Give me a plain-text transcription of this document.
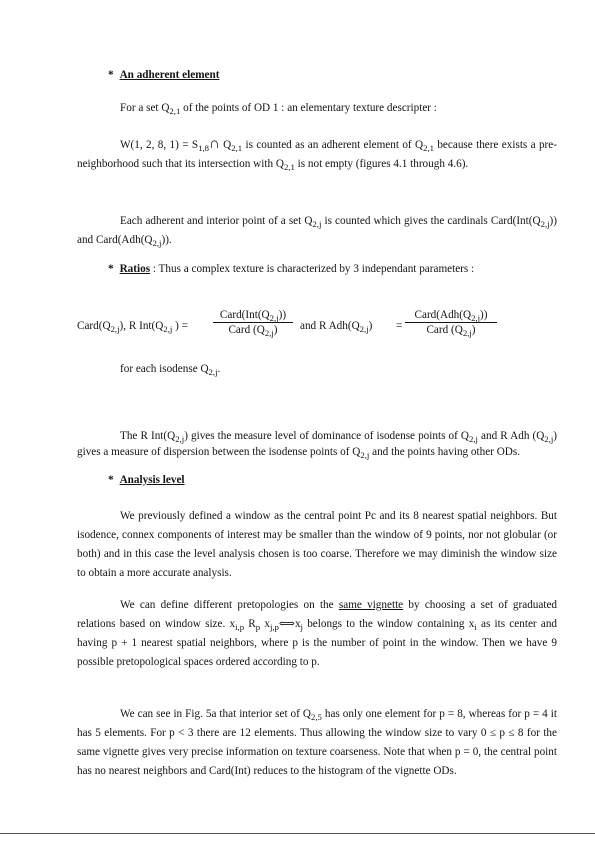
* An adherent element
For a set $Q_{2,1}$ of the points of OD 1 : an elementary texture descripter :
W(1, 2, 8, $1) = S_{1,8}\cap$ $Q_{2,1}$ is counted as an adherent element of $Q_{2,1}$ because there exists a pre-neighborhood such that its intersection with $Q_{2,1}$ is not empty (figures 4.1 through 4.6).
Each adherent and interior point of a set $Q_{2,j}$ is counted which gives the cardinals $Card(Int(Q_{2,j}))$ and $Card(Adh(Q_{2,j}))$.
* Ratios : Thus a complex texture is characterized by 3 independant parameters :
$Card(Q_{2,j})$, R $Int(Q_{2,j}$ ) =
$Card(Int(Q_{2,j}))$
Card $(Q_{2,j})$	and R $Adh(Q_{2,j})$ =
$Card(Adh(Q_{2,j}))$
Card $(Q_{2,j})$
for each isodense $Q_{2,j}$.
The R $Int(Q_{2,j})$ gives the measure level of dominance of isodense points of $Q_{2,j}$ and R Adh $(Q_{2,j})$ gives a measure of dispersion between the isodense points of $Q_{2,j}$ and the points having other ODs.
* Analysis level
We previously defined a window as the central point Pc and its 8 nearest spatial neighbors. But isodence, connex components of interest may be smaller than the window of 9 points, nor not globular (or both) and in this case the level analysis chosen is too coarse. Therefore we may diminish the window size to obtain a more accurate analysis.
We can define different pretopologies on the same vignette by choosing a set of graduated relations based on window size. $x_{i,p}$ $R_p$ $x_{j,p}⟺x_j$ belongs to the window containing $x_i$ as its center and having p + 1 nearest spatial neighbors, where p is the number of point in the window. Then we have 9 possible pretopological spaces ordered according to p.
We can see in Fig. 5a that interior set of $Q_{2,5}$ has only one element for p = 8, whereas for p = 4 it has 5 elements. For p < 3 there are 12 elements. Thus allowing the window size to vary 0 ≤ p ≤ 8 for the same vignette gives very precise information on texture coarseness. Note that when p = 0, the central point has no nearest neighbors and Card(Int) reduces to the histogram of the vignette ODs.
